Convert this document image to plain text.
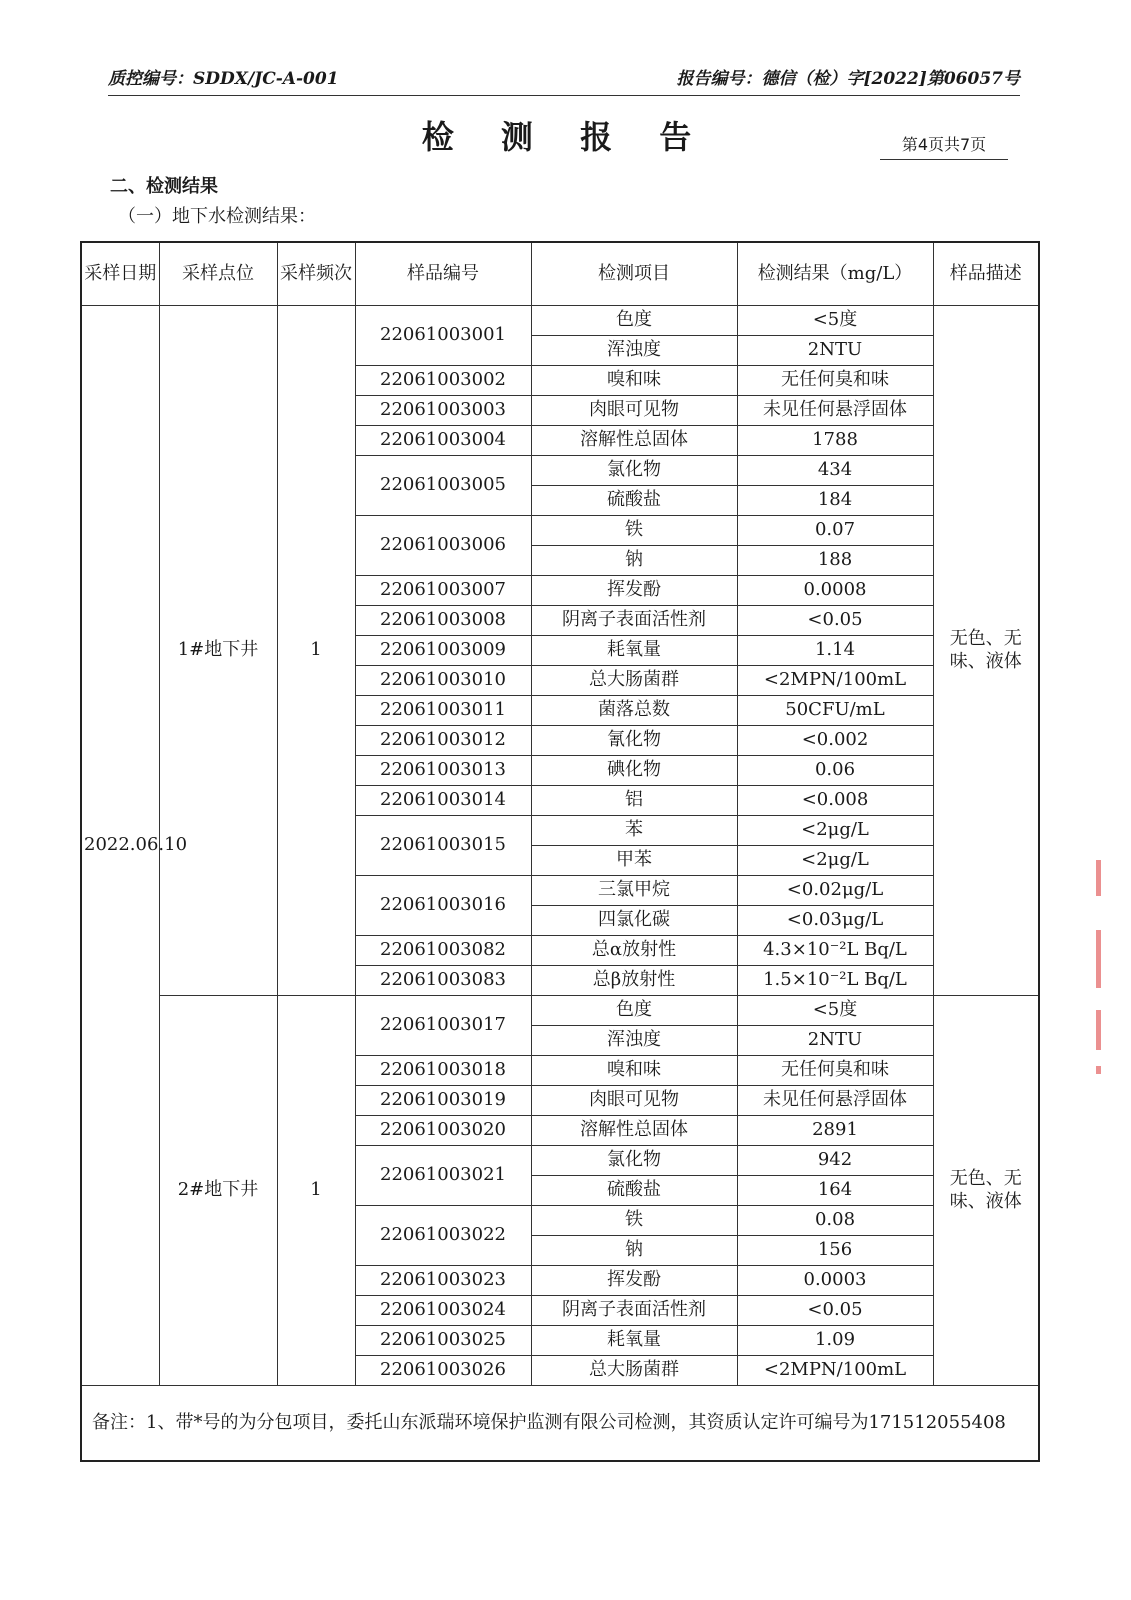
质控编号：SDDX/JC-A-001	报告编号：德信（检）字[2022]第06057号
检 测 报 告	第4页共7页
二、检测结果
（一）地下水检测结果：
采样日期	采样点位	采样频次	样品编号	检测项目	检测结果（mg/L）	样品描述
2022.06.10	1#地下井	1	22061003001	色度	<5度	无色、无味、液体
				浑浊度	2NTU	
			22061003002	嗅和味	无任何臭和味	
			22061003003	肉眼可见物	未见任何悬浮固体	
			22061003004	溶解性总固体	1788	
			22061003005	氯化物	434	
				硫酸盐	184	
			22061003006	铁	0.07	
				钠	188	
			22061003007	挥发酚	0.0008	
			22061003008	阴离子表面活性剂	<0.05	
			22061003009	耗氧量	1.14	
			22061003010	总大肠菌群	<2MPN/100mL	
			22061003011	菌落总数	50CFU/mL	
			22061003012	氰化物	<0.002	
			22061003013	碘化物	0.06	
			22061003014	铝	<0.008	
			22061003015	苯	<2μg/L	
				甲苯	<2μg/L	
			22061003016	三氯甲烷	<0.02μg/L	
				四氯化碳	<0.03μg/L	
			22061003082	总α放射性	4.3×10⁻²L Bq/L	
			22061003083	总β放射性	1.5×10⁻²L Bq/L	
	2#地下井	1	22061003017	色度	<5度	无色、无味、液体
				浑浊度	2NTU	
			22061003018	嗅和味	无任何臭和味	
			22061003019	肉眼可见物	未见任何悬浮固体	
			22061003020	溶解性总固体	2891	
			22061003021	氯化物	942	
				硫酸盐	164	
			22061003022	铁	0.08	
				钠	156	
			22061003023	挥发酚	0.0003	
			22061003024	阴离子表面活性剂	<0.05	
			22061003025	耗氧量	1.09	
			22061003026	总大肠菌群	<2MPN/100mL	
备注：1、带*号的为分包项目，委托山东派瑞环境保护监测有限公司检测，其资质认定许可编号为171512055408						
